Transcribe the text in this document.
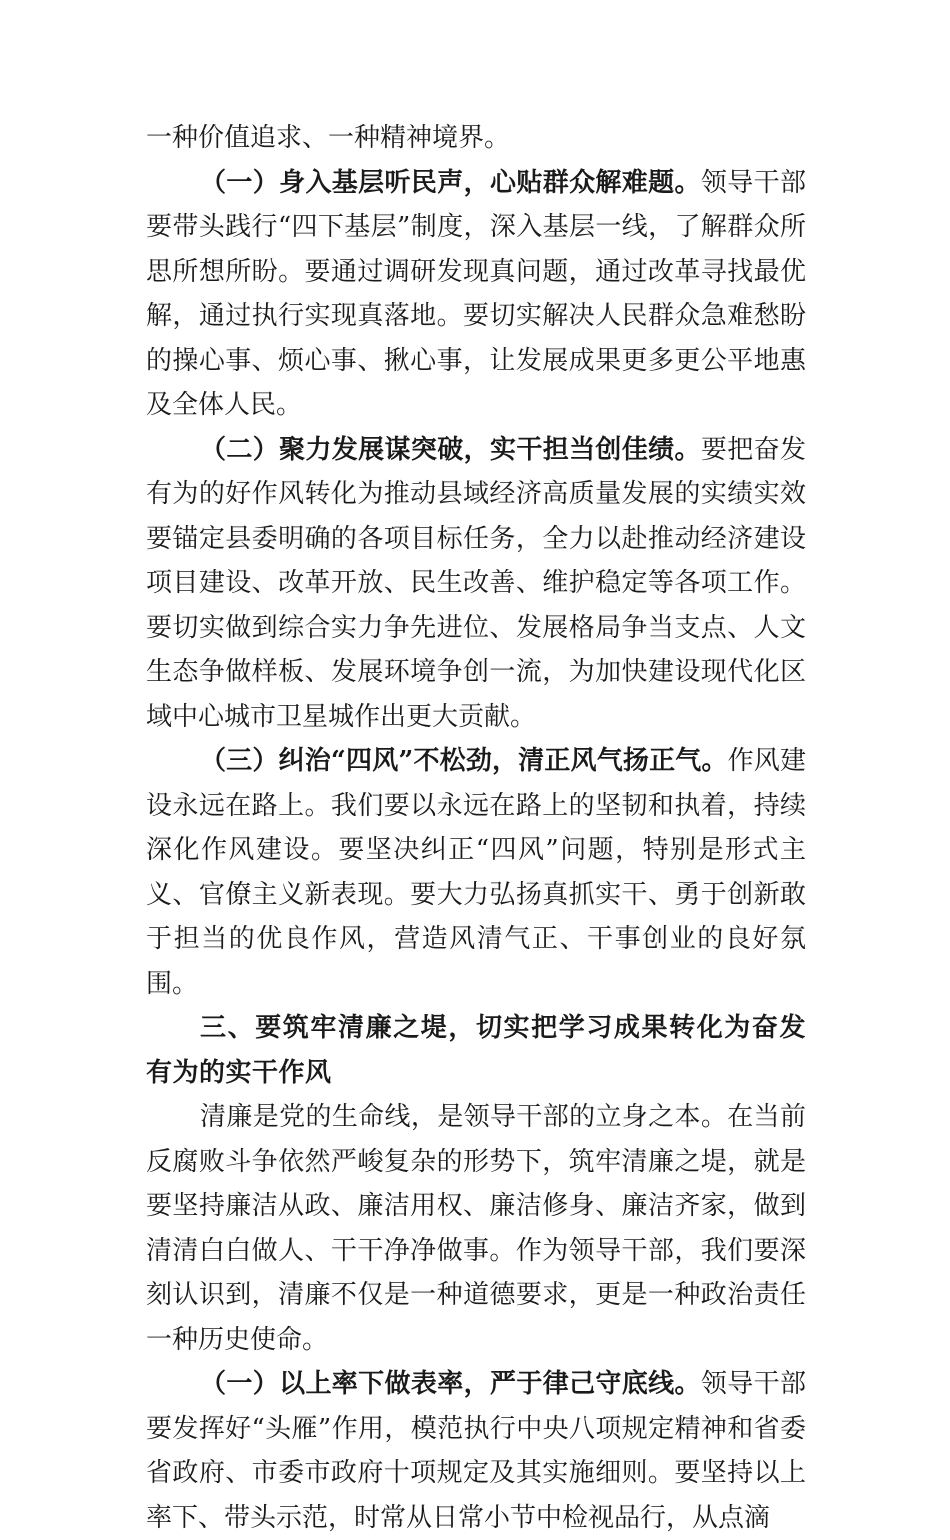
一种价值追求、一种精神境界。

（一）身入基层听民声，心贴群众解难题。领导干部要带头践行“四下基层”制度，深入基层一线，了解群众所思所想所盼。要通过调研发现真问题，通过改革寻找最优解，通过执行实现真落地。要切实解决人民群众急难愁盼的操心事、烦心事、揪心事，让发展成果更多更公平地惠及全体人民。

（二）聚力发展谋突破，实干担当创佳绩。要把奋发有为的好作风转化为推动县域经济高质量发展的实绩实效要锚定县委明确的各项目标任务，全力以赴推动经济建设项目建设、改革开放、民生改善、维护稳定等各项工作。要切实做到综合实力争先进位、发展格局争当支点、人文生态争做样板、发展环境争创一流，为加快建设现代化区域中心城市卫星城作出更大贡献。

（三）纠治“四风”不松劲，清正风气扬正气。作风建设永远在路上。我们要以永远在路上的坚韧和执着，持续深化作风建设。要坚决纠正“四风”问题，特别是形式主义、官僚主义新表现。要大力弘扬真抓实干、勇于创新敢于担当的优良作风，营造风清气正、干事创业的良好氛围。

三、要筑牢清廉之堤，切实把学习成果转化为奋发有为的实干作风

清廉是党的生命线，是领导干部的立身之本。在当前反腐败斗争依然严峻复杂的形势下，筑牢清廉之堤，就是要坚持廉洁从政、廉洁用权、廉洁修身、廉洁齐家，做到清清白白做人、干干净净做事。作为领导干部，我们要深刻认识到，清廉不仅是一种道德要求，更是一种政治责任一种历史使命。

（一）以上率下做表率，严于律己守底线。领导干部要发挥好“头雁”作用，模范执行中央八项规定精神和省委省政府、市委市政府十项规定及其实施细则。要坚持以上率下、带头示范，时常从日常小节中检视品行，从点滴
